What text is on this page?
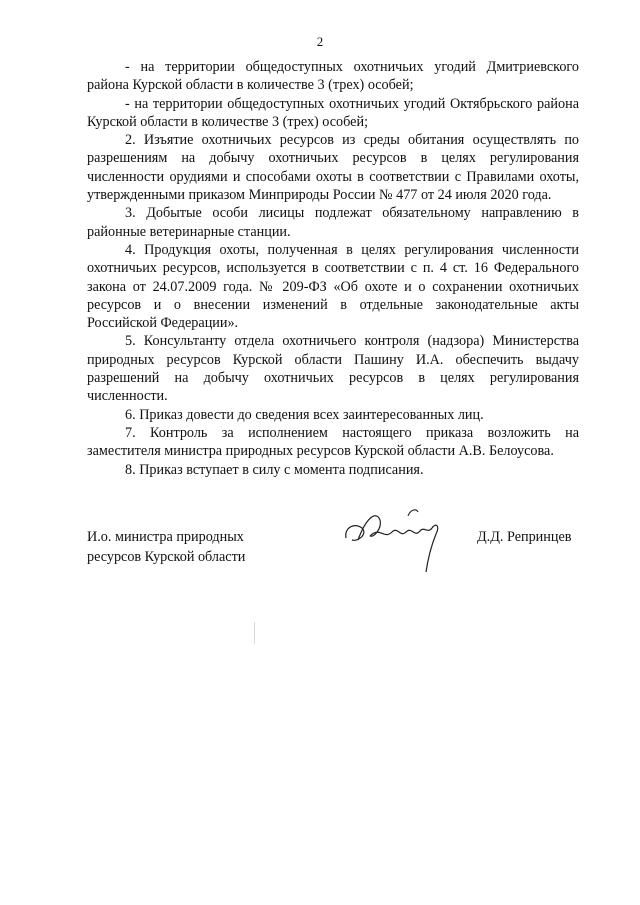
2

- на территории общедоступных охотничьих угодий Дмитриевского района Курской области в количестве 3 (трех) особей;

- на территории общедоступных охотничьих угодий Октябрьского района Курской области в количестве 3 (трех) особей;

2. Изъятие охотничьих ресурсов из среды обитания осуществлять по разрешениям на добычу охотничьих ресурсов в целях регулирования численности орудиями и способами охоты в соответствии с Правилами охоты, утвержденными приказом Минприроды России № 477 от 24 июля 2020 года.

3. Добытые особи лисицы подлежат обязательному направлению в районные ветеринарные станции.

4. Продукция охоты, полученная в целях регулирования численности охотничьих ресурсов, используется в соответствии с п. 4 ст. 16 Федерального закона от 24.07.2009 года. № 209-ФЗ «Об охоте и о сохранении охотничьих ресурсов и о внесении изменений в отдельные законодательные акты Российской Федерации».

5. Консультанту отдела охотничьего контроля (надзора) Министерства природных ресурсов Курской области Пашину И.А. обеспечить выдачу разрешений на добычу охотничьих ресурсов в целях регулирования численности.

6. Приказ довести до сведения всех заинтересованных лиц.

7. Контроль за исполнением настоящего приказа возложить на заместителя министра природных ресурсов Курской области А.В. Белоусова.

8. Приказ вступает в силу с момента подписания.

И.о. министра природных
ресурсов Курской области
Д.Д. Репринцев
